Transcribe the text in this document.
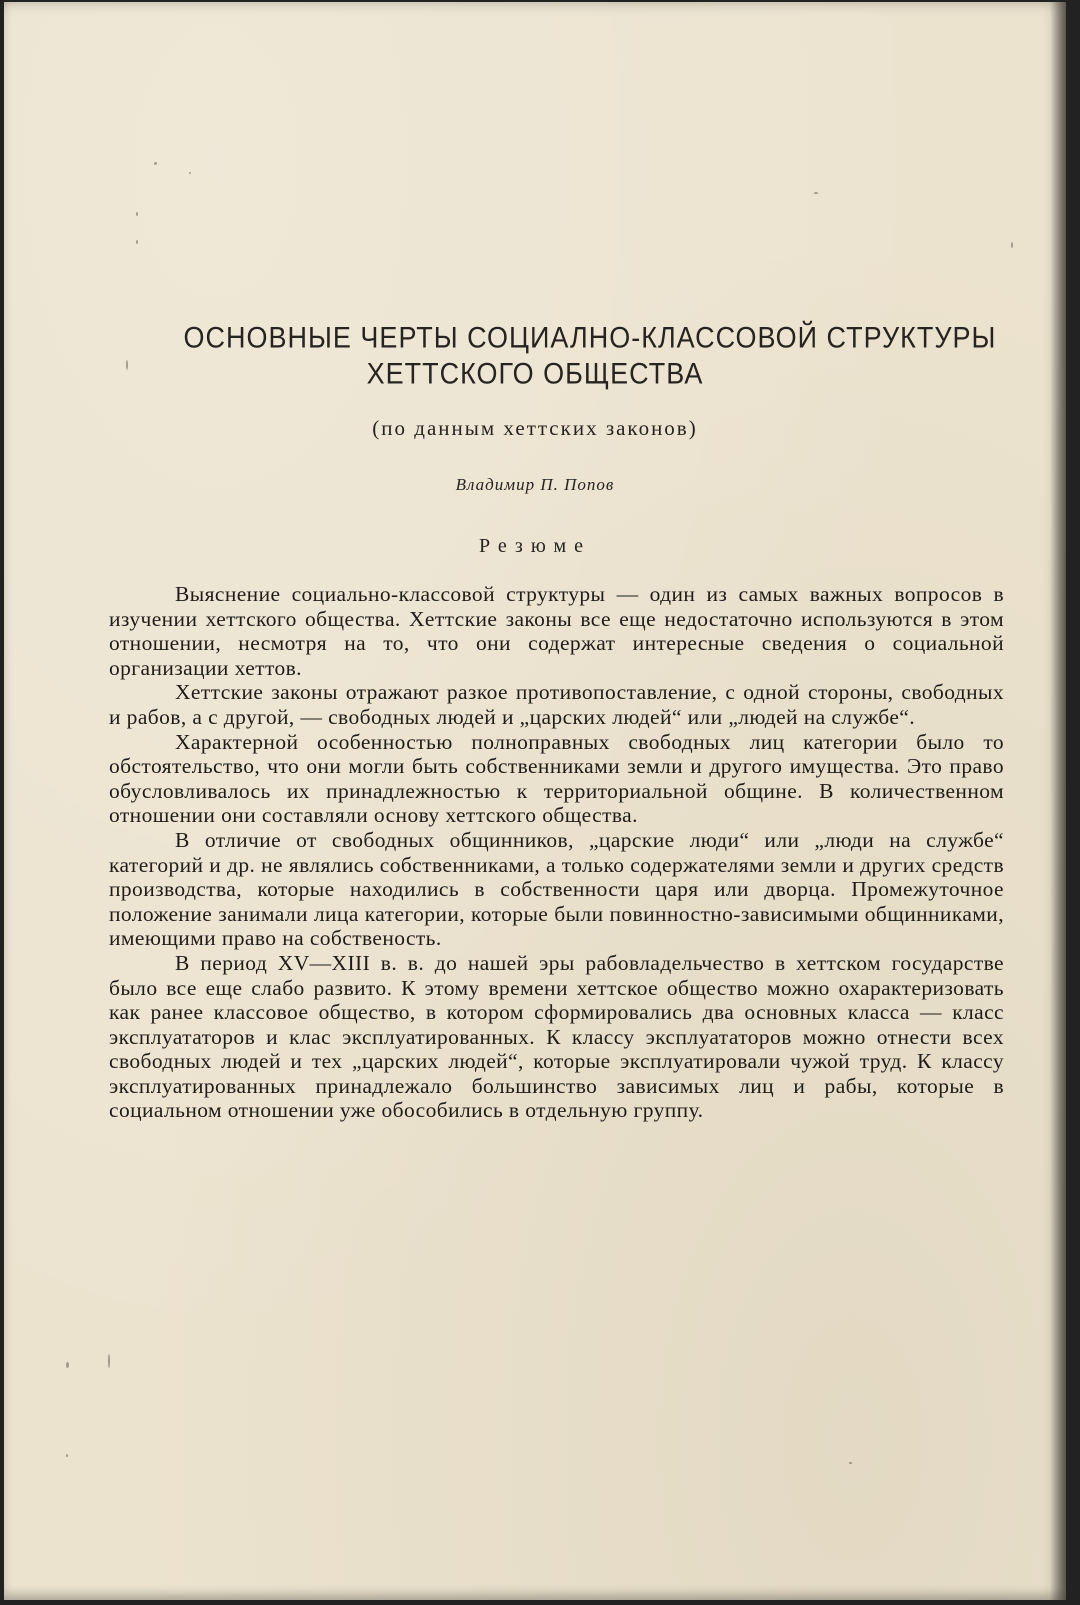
ОСНОВНЫЕ ЧЕРТЫ СОЦИАЛНО-КЛАССОВОЙ СТРУКТУРЫ
ХЕТТСКОГО ОБЩЕСТВА
(по данным хеттских законов)
Владимир П. Попов
Резюме

Выяснение социально-классовой структуры — один из самых важных вопросов в изучении хеттского общества. Хеттские законы все еще недостаточно используются в этом отношении, несмотря на то, что они содержат интересные сведения о социальной организации хеттов.

Хеттские законы отражают разкое противопоставление, с одной стороны, свободных и рабов, а с другой, — свободных людей и „царских людей“ или „людей на службе“.

Характерной особенностью полноправных свободных лиц категории было то обстоятельство, что они могли быть собственниками земли и другого имущества. Это право обусловливалось их принадлежностью к территориальной общине. В количественном отношении они составляли основу хеттского общества.

В отличие от свободных общинников, „царские люди“ или „люди на службе“ категорий и др. не являлись собственниками, а только содержателями земли и других средств производства, которые находились в собственности царя или дворца. Промежуточное положение занимали лица категории, которые были повинностно-зависимыми общинниками, имеющими право на собственость.

В период XV—XIII в. в. до нашей эры рабовладельчество в хеттском государстве было все еще слабо развито. К этому времени хеттское общество можно охарактеризовать как ранее классовое общество, в котором сформировались два основных класса — класс эксплуататоров и клас эксплуатированных. К классу эксплуататоров можно отнести всех свободных людей и тех „царских людей“, которые эксплуатировали чужой труд. К классу эксплуатированных принадлежало большинство зависимых лиц и рабы, которые в социальном отношении уже обособились в отдельную группу.
